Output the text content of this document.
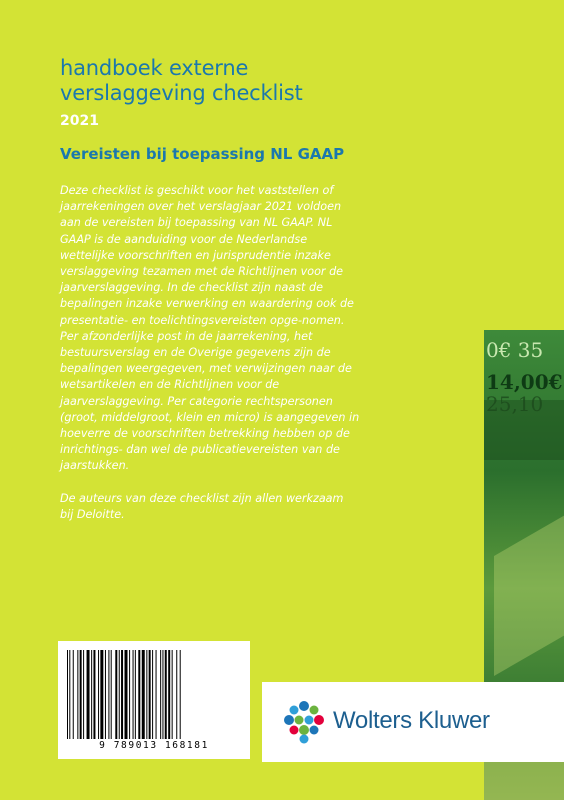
handboek externe
verslaggeving checklist
2021
Vereisten bij toepassing NL GAAP

Deze checklist is geschikt voor het vaststellen of jaarrekeningen over het verslagjaar 2021 voldoen aan de vereisten bij toepassing van NL GAAP. NL GAAP is de aanduiding voor de Nederlandse wettelijke voorschriften en jurisprudentie inzake verslaggeving tezamen met de Richtlijnen voor de jaarverslaggeving. In de checklist zijn naast de bepalingen inzake verwerking en waardering ook de presentatie- en toelichtingsvereisten opge-nomen. Per afzonderlijke post in de jaarrekening, het bestuursverslag en de Overige gegevens zijn de bepalingen weergegeven, met verwijzingen naar de wetsartikelen en de Richtlijnen voor de jaarverslaggeving. Per categorie rechtspersonen (groot, middelgroot, klein en micro) is aangegeven in hoeverre de voorschriften betrekking hebben op de inrichtings- dan wel de publicatievereisten van de jaarstukken.

De auteurs van deze checklist zijn allen werkzaam bij Deloitte.

0€ 35
14,00€
25,10
9 789013 168181
Wolters Kluwer
